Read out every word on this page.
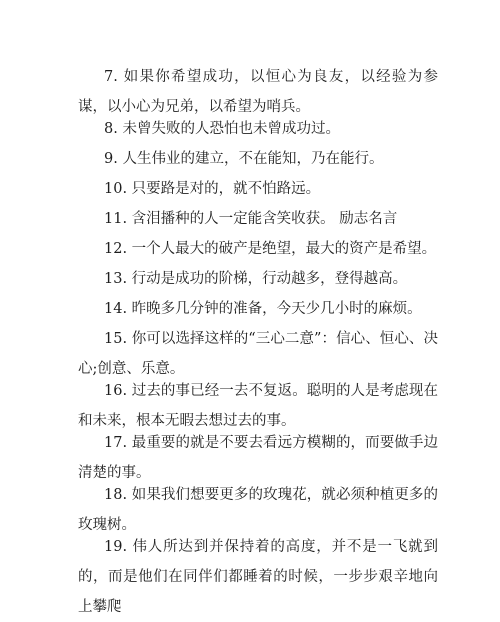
7. 如果你希望成功，以恒心为良友，以经验为参谋，以小心为兄弟，以希望为哨兵。

8. 未曾失败的人恐怕也未曾成功过。

9. 人生伟业的建立，不在能知，乃在能行。

10. 只要路是对的，就不怕路远。

11. 含泪播种的人一定能含笑收获。 励志名言

12. 一个人最大的破产是绝望，最大的资产是希望。

13. 行动是成功的阶梯，行动越多，登得越高。

14. 昨晚多几分钟的准备，今天少几小时的麻烦。

15. 你可以选择这样的“三心二意”：信心、恒心、决心;创意、乐意。

16. 过去的事已经一去不复返。聪明的人是考虑现在和未来，根本无暇去想过去的事。

17. 最重要的就是不要去看远方模糊的，而要做手边清楚的事。

18. 如果我们想要更多的玫瑰花，就必须种植更多的玫瑰树。

19. 伟人所达到并保持着的高度，并不是一飞就到的，而是他们在同伴们都睡着的时候，一步步艰辛地向上攀爬
